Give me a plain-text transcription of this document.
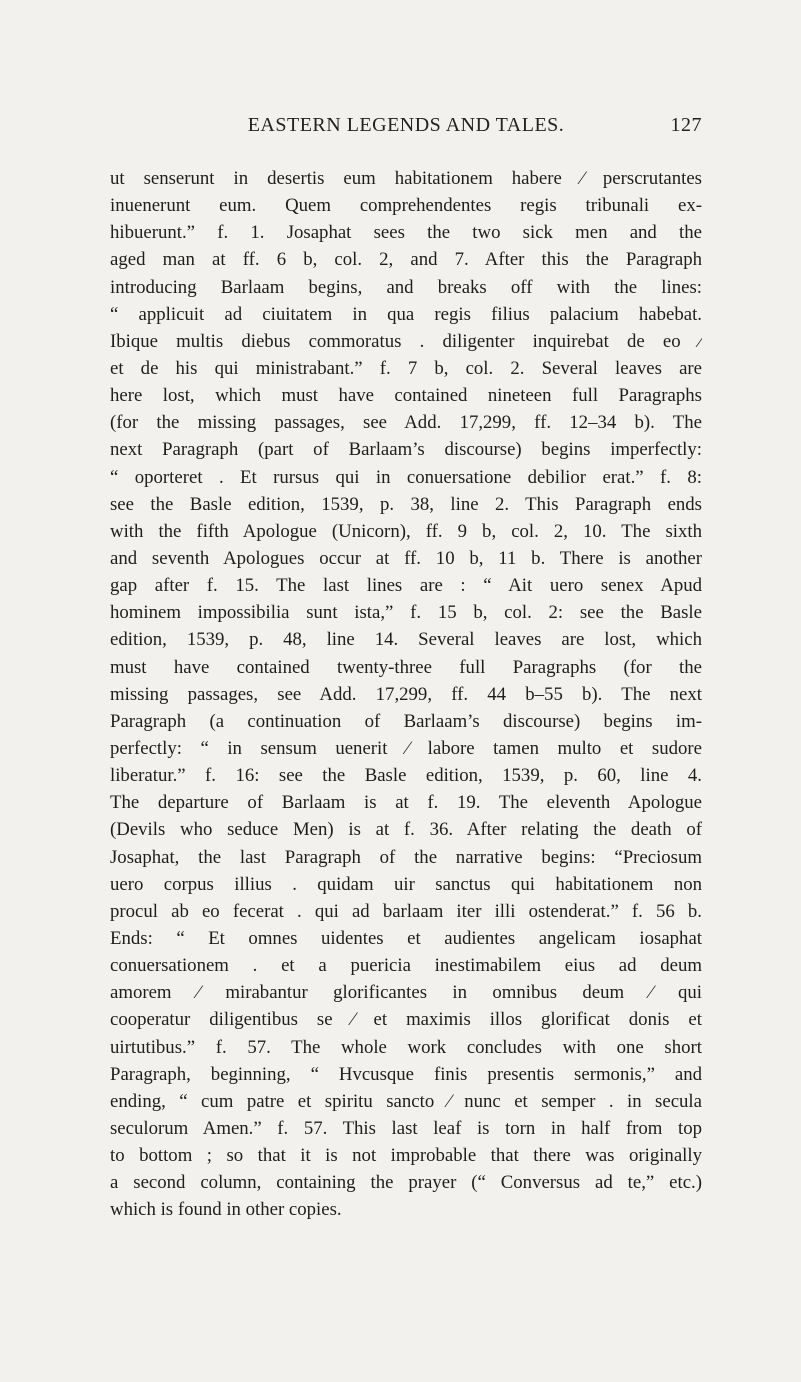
EASTERN LEGENDS AND TALES.	127
ut senserunt in desertis eum habitationem habere ⁄ perscrutantes
inuenerunt eum. Quem comprehendentes regis tribunali ex-
hibuerunt.” f. 1. Josaphat sees the two sick men and the
aged man at ff. 6 b, col. 2, and 7. After this the Paragraph
introducing Barlaam begins, and breaks off with the lines:
“ applicuit ad ciuitatem in qua regis filius palacium habebat.
Ibique multis diebus commoratus . diligenter inquirebat de eo ⁄
et de his qui ministrabant.” f. 7 b, col. 2. Several leaves are
here lost, which must have contained nineteen full Paragraphs
(for the missing passages, see Add. 17,299, ff. 12–34 b). The
next Paragraph (part of Barlaam’s discourse) begins imperfectly:
“ oporteret . Et rursus qui in conuersatione debilior erat.” f. 8:
see the Basle edition, 1539, p. 38, line 2. This Paragraph ends
with the fifth Apologue (Unicorn), ff. 9 b, col. 2, 10. The sixth
and seventh Apologues occur at ff. 10 b, 11 b. There is another
gap after f. 15. The last lines are : “ Ait uero senex Apud
hominem impossibilia sunt ista,” f. 15 b, col. 2: see the Basle
edition, 1539, p. 48, line 14. Several leaves are lost, which
must have contained twenty-three full Paragraphs (for the
missing passages, see Add. 17,299, ff. 44 b–55 b). The next
Paragraph (a continuation of Barlaam’s discourse) begins im-
perfectly: “ in sensum uenerit ⁄ labore tamen multo et sudore
liberatur.” f. 16: see the Basle edition, 1539, p. 60, line 4.
The departure of Barlaam is at f. 19. The eleventh Apologue
(Devils who seduce Men) is at f. 36. After relating the death of
Josaphat, the last Paragraph of the narrative begins: “Preciosum
uero corpus illius . quidam uir sanctus qui habitationem non
procul ab eo fecerat . qui ad barlaam iter illi ostenderat.” f. 56 b.
Ends: “ Et omnes uidentes et audientes angelicam iosaphat
conuersationem . et a puericia inestimabilem eius ad deum
amorem ⁄ mirabantur glorificantes in omnibus deum ⁄ qui
cooperatur diligentibus se ⁄ et maximis illos glorificat donis et
uirtutibus.” f. 57. The whole work concludes with one short
Paragraph, beginning, “ Hvcusque finis presentis sermonis,” and
ending, “ cum patre et spiritu sancto ⁄ nunc et semper . in secula
seculorum Amen.” f. 57. This last leaf is torn in half from top
to bottom ; so that it is not improbable that there was originally
a second column, containing the prayer (“ Conversus ad te,” etc.)
which is found in other copies.
